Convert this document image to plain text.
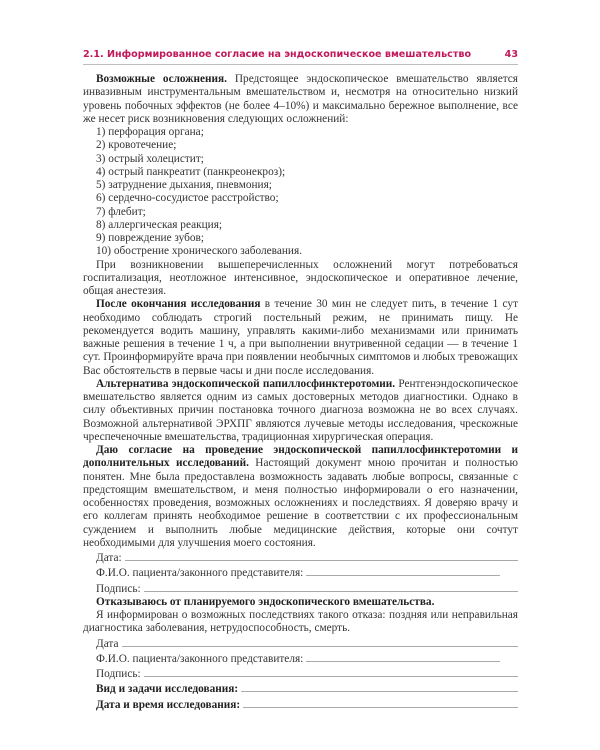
2.1. Информированное согласие на эндоскопическое вмешательство	43

Возможные осложнения. Предстоящее эндоскопическое вмешательство является инвазивным инструментальным вмешательством и, несмотря на относительно низкий уровень побочных эффектов (не более 4–10%) и максимально бережное выполнение, все же несет риск возникновения следующих осложнений:

1) перфорация органа;

2) кровотечение;

3) острый холецистит;

4) острый панкреатит (панкреонекроз);

5) затруднение дыхания, пневмония;

6) сердечно-сосудистое расстройство;

7) флебит;

8) аллергическая реакция;

9) повреждение зубов;

10) обострение хронического заболевания.

При возникновении вышеперечисленных осложнений могут потребоваться госпитализация, неотложное интенсивное, эндоскопическое и оперативное лечение, общая анестезия.

После окончания исследования в течение 30 мин не следует пить, в течение 1 сут необходимо соблюдать строгий постельный режим, не принимать пищу. Не рекомендуется водить машину, управлять какими-либо механизмами или принимать важные решения в течение 1 ч, а при выполнении внутривенной седации — в течение 1 сут. Проинформируйте врача при появлении необычных симптомов и любых тревожащих Вас обстоятельств в первые часы и дни после исследования.

Альтернатива эндоскопической папиллосфинктеротомии. Рентгенэндоскопическое вмешательство является одним из самых достоверных методов диагностики. Однако в силу объективных причин постановка точного диагноза возможна не во всех случаях. Возможной альтернативой ЭРХПГ являются лучевые методы исследования, чрескожные чреспеченочные вмешательства, традиционная хирургическая операция.

Даю согласие на проведение эндоскопической папиллосфинктеротомии и дополнительных исследований. Настоящий документ мною прочитан и полностью понятен. Мне была предоставлена возможность задавать любые вопросы, связанные с предстоящим вмешательством, и меня полностью информировали о его назначении, особенностях проведения, возможных осложнениях и последствиях. Я доверяю врачу и его коллегам принять необходимое решение в соответствии с их профессиональным суждением и выполнить любые медицинские действия, которые они сочтут необходимыми для улучшения моего состояния.

Дата:
Ф.И.О. пациента/законного представителя:
Подпись:
Отказываюсь от планируемого эндоскопического вмешательства.

Я информирован о возможных последствиях такого отказа: поздняя или неправильная диагностика заболевания, нетрудоспособность, смерть.

Дата
Ф.И.О. пациента/законного представителя:
Подпись:
Вид и задачи исследования:
Дата и время исследования:
